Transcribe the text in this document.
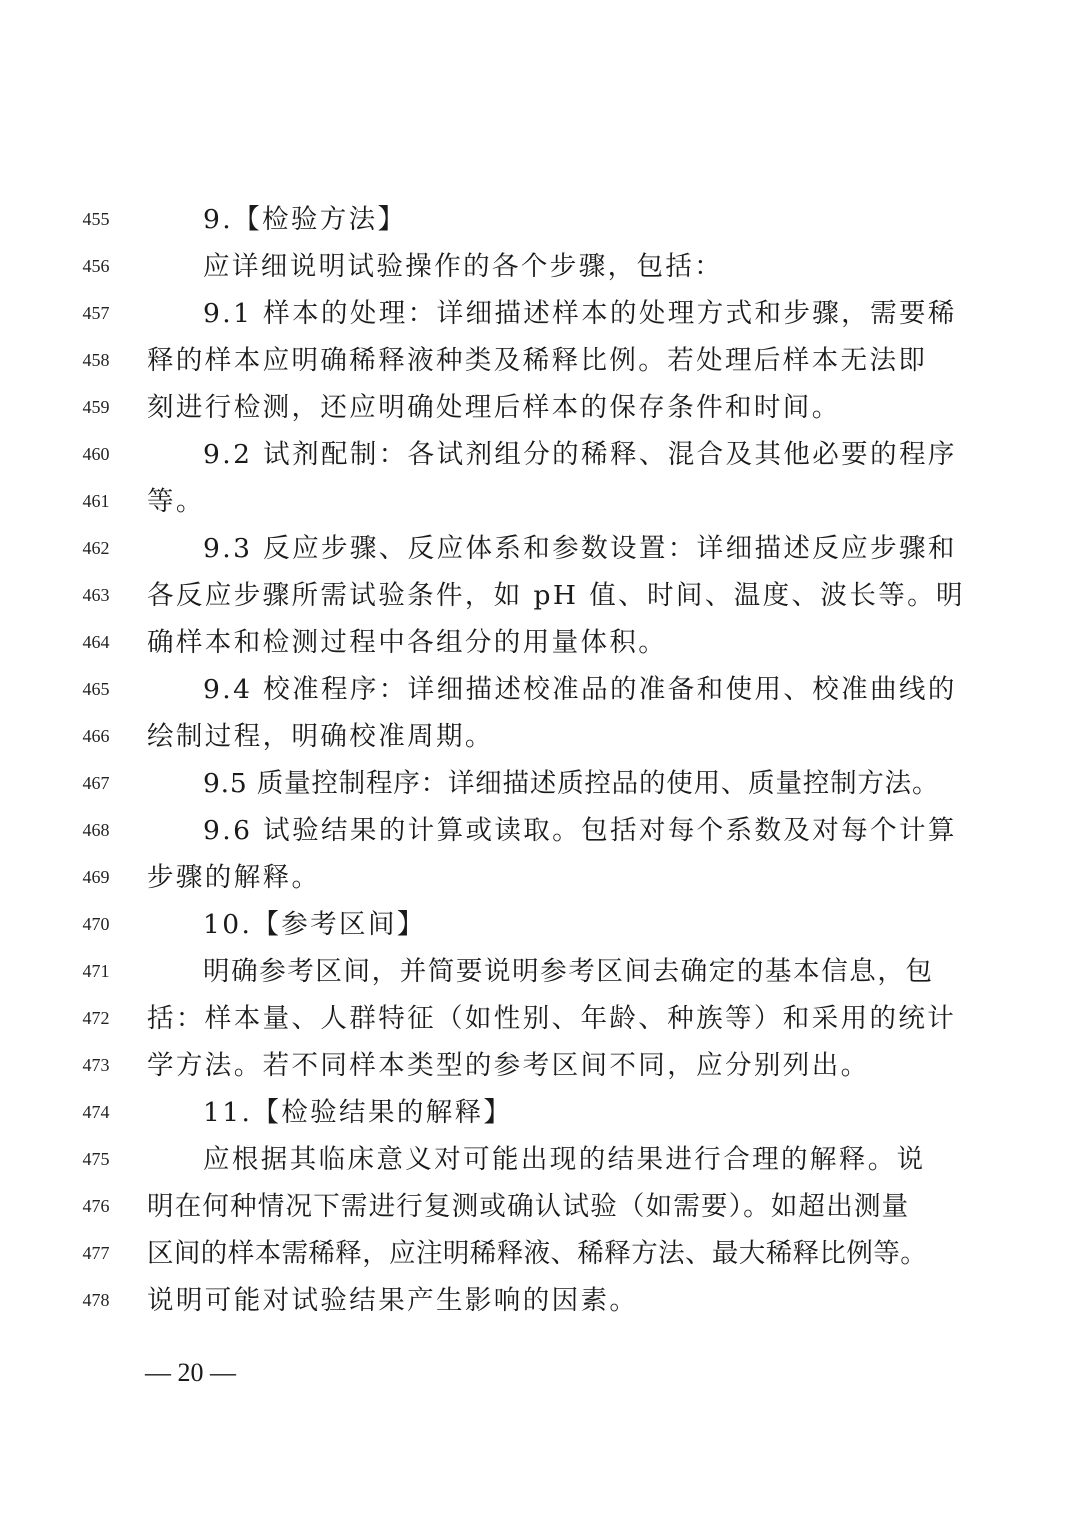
455	9.【检验方法】
456	应详细说明试验操作的各个步骤，包括：
457	9.1 样本的处理：详细描述样本的处理方式和步骤，需要稀
458	释的样本应明确稀释液种类及稀释比例。若处理后样本无法即
459	刻进行检测，还应明确处理后样本的保存条件和时间。
460	9.2 试剂配制：各试剂组分的稀释、混合及其他必要的程序
461	等。
462	9.3 反应步骤、反应体系和参数设置：详细描述反应步骤和
463	各反应步骤所需试验条件，如 pH 值、时间、温度、波长等。明
464	确样本和检测过程中各组分的用量体积。
465	9.4 校准程序：详细描述校准品的准备和使用、校准曲线的
466	绘制过程，明确校准周期。
467	9.5 质量控制程序：详细描述质控品的使用、质量控制方法。
468	9.6 试验结果的计算或读取。包括对每个系数及对每个计算
469	步骤的解释。
470	10.【参考区间】
471	明确参考区间，并简要说明参考区间去确定的基本信息，包
472	括：样本量、人群特征（如性别、年龄、种族等）和采用的统计
473	学方法。若不同样本类型的参考区间不同，应分别列出。
474	11.【检验结果的解释】
475	应根据其临床意义对可能出现的结果进行合理的解释。说
476	明在何种情况下需进行复测或确认试验（如需要）。如超出测量
477	区间的样本需稀释，应注明稀释液、稀释方法、最大稀释比例等。
478	说明可能对试验结果产生影响的因素。
— 20 —
